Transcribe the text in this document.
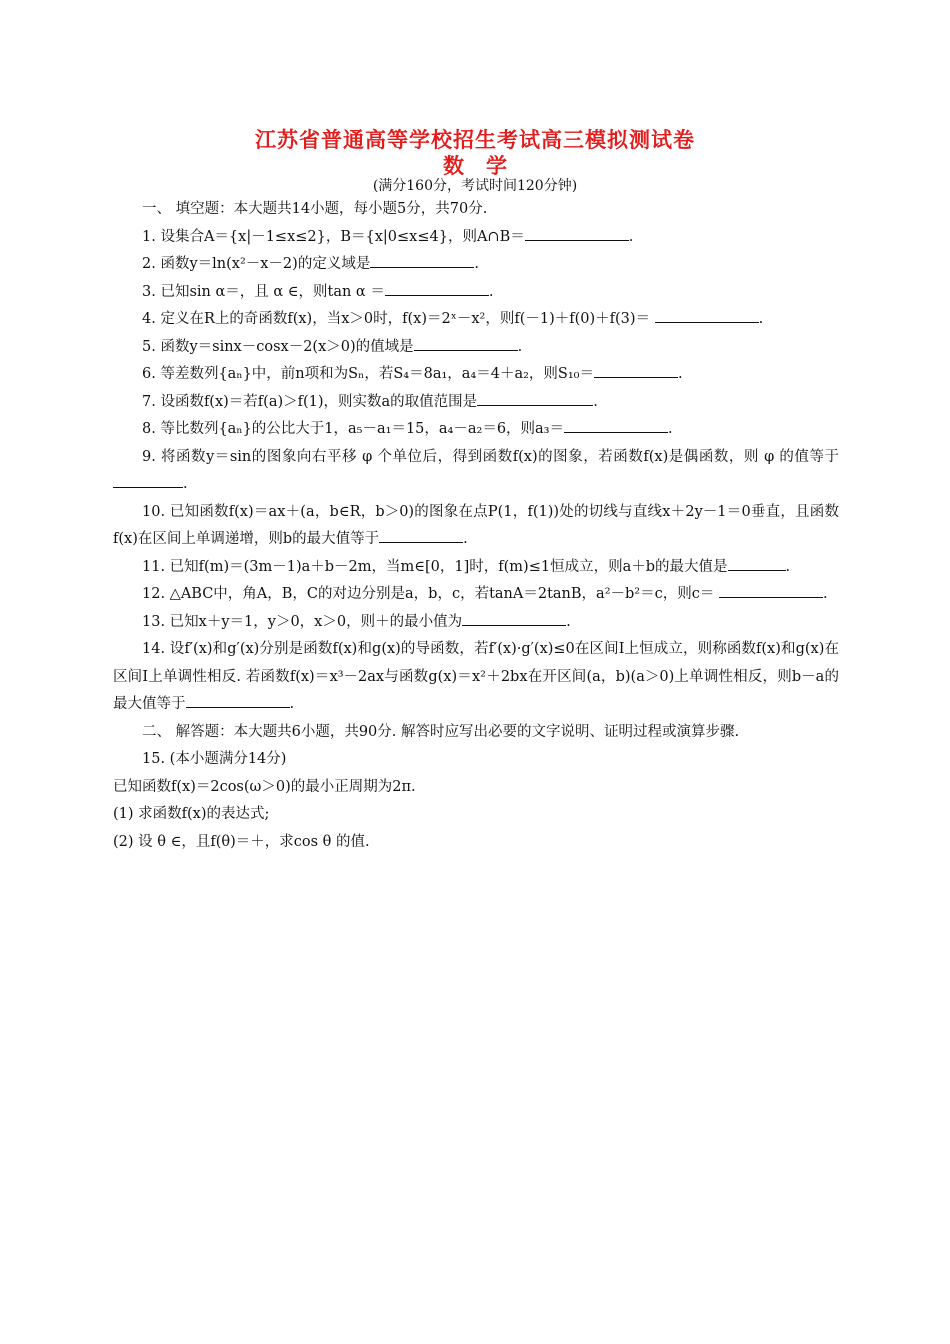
江苏省普通高等学校招生考试高三模拟测试卷
数学
(满分160分，考试时间120分钟)

一、 填空题：本大题共14小题，每小题5分，共70分.

1. 设集合A＝{x|－1≤x≤2}，B＝{x|0≤x≤4}，则A∩B＝	.

2. 函数y＝ln(x²－x－2)的定义域是	.

3. 已知sin α＝，且 α ∈，则tan α ＝	.

4. 定义在R上的奇函数f(x)，当x＞0时，f(x)＝2ˣ－x²，则f(－1)＋f(0)＋f(3)＝	.

5. 函数y＝sinx－cosx－2(x＞0)的值域是	.

6. 等差数列{aₙ}中，前n项和为Sₙ，若S₄＝8a₁，a₄＝4＋a₂，则S₁₀＝	.

7. 设函数f(x)＝若f(a)＞f(1)，则实数a的取值范围是	.

8. 等比数列{aₙ}的公比大于1，a₅－a₁＝15，a₄－a₂＝6，则a₃＝	.

9. 将函数y＝sin的图象向右平移 φ 个单位后，得到函数f(x)的图象，若函数f(x)是偶函数，则 φ 的值等于.

10. 已知函数f(x)＝ax＋(a，b∈R，b＞0)的图象在点P(1，f(1))处的切线与直线x＋2y－1＝0垂直，且函数f(x)在区间上单调递增，则b的最大值等于	.

11. 已知f(m)＝(3m－1)a＋b－2m，当m∈[0，1]时，f(m)≤1恒成立，则a＋b的最大值是	.

12. △ABC中，角A，B，C的对边分别是a，b，c，若tanA＝2tanB，a²－b²＝c，则c＝	.

13. 已知x＋y＝1，y＞0，x＞0，则＋的最小值为	.

14. 设f′(x)和g′(x)分别是函数f(x)和g(x)的导函数，若f′(x)·g′(x)≤0在区间I上恒成立，则称函数f(x)和g(x)在区间I上单调性相反. 若函数f(x)＝x³－2ax与函数g(x)＝x²＋2bx在开区间(a，b)(a＞0)上单调性相反，则b－a的最大值等于	.

二、 解答题：本大题共6小题，共90分. 解答时应写出必要的文字说明、证明过程或演算步骤.

15. (本小题满分14分)

已知函数f(x)＝2cos(ω＞0)的最小正周期为2π.

(1) 求函数f(x)的表达式;

(2) 设 θ ∈，且f(θ)＝＋，求cos θ 的值.
